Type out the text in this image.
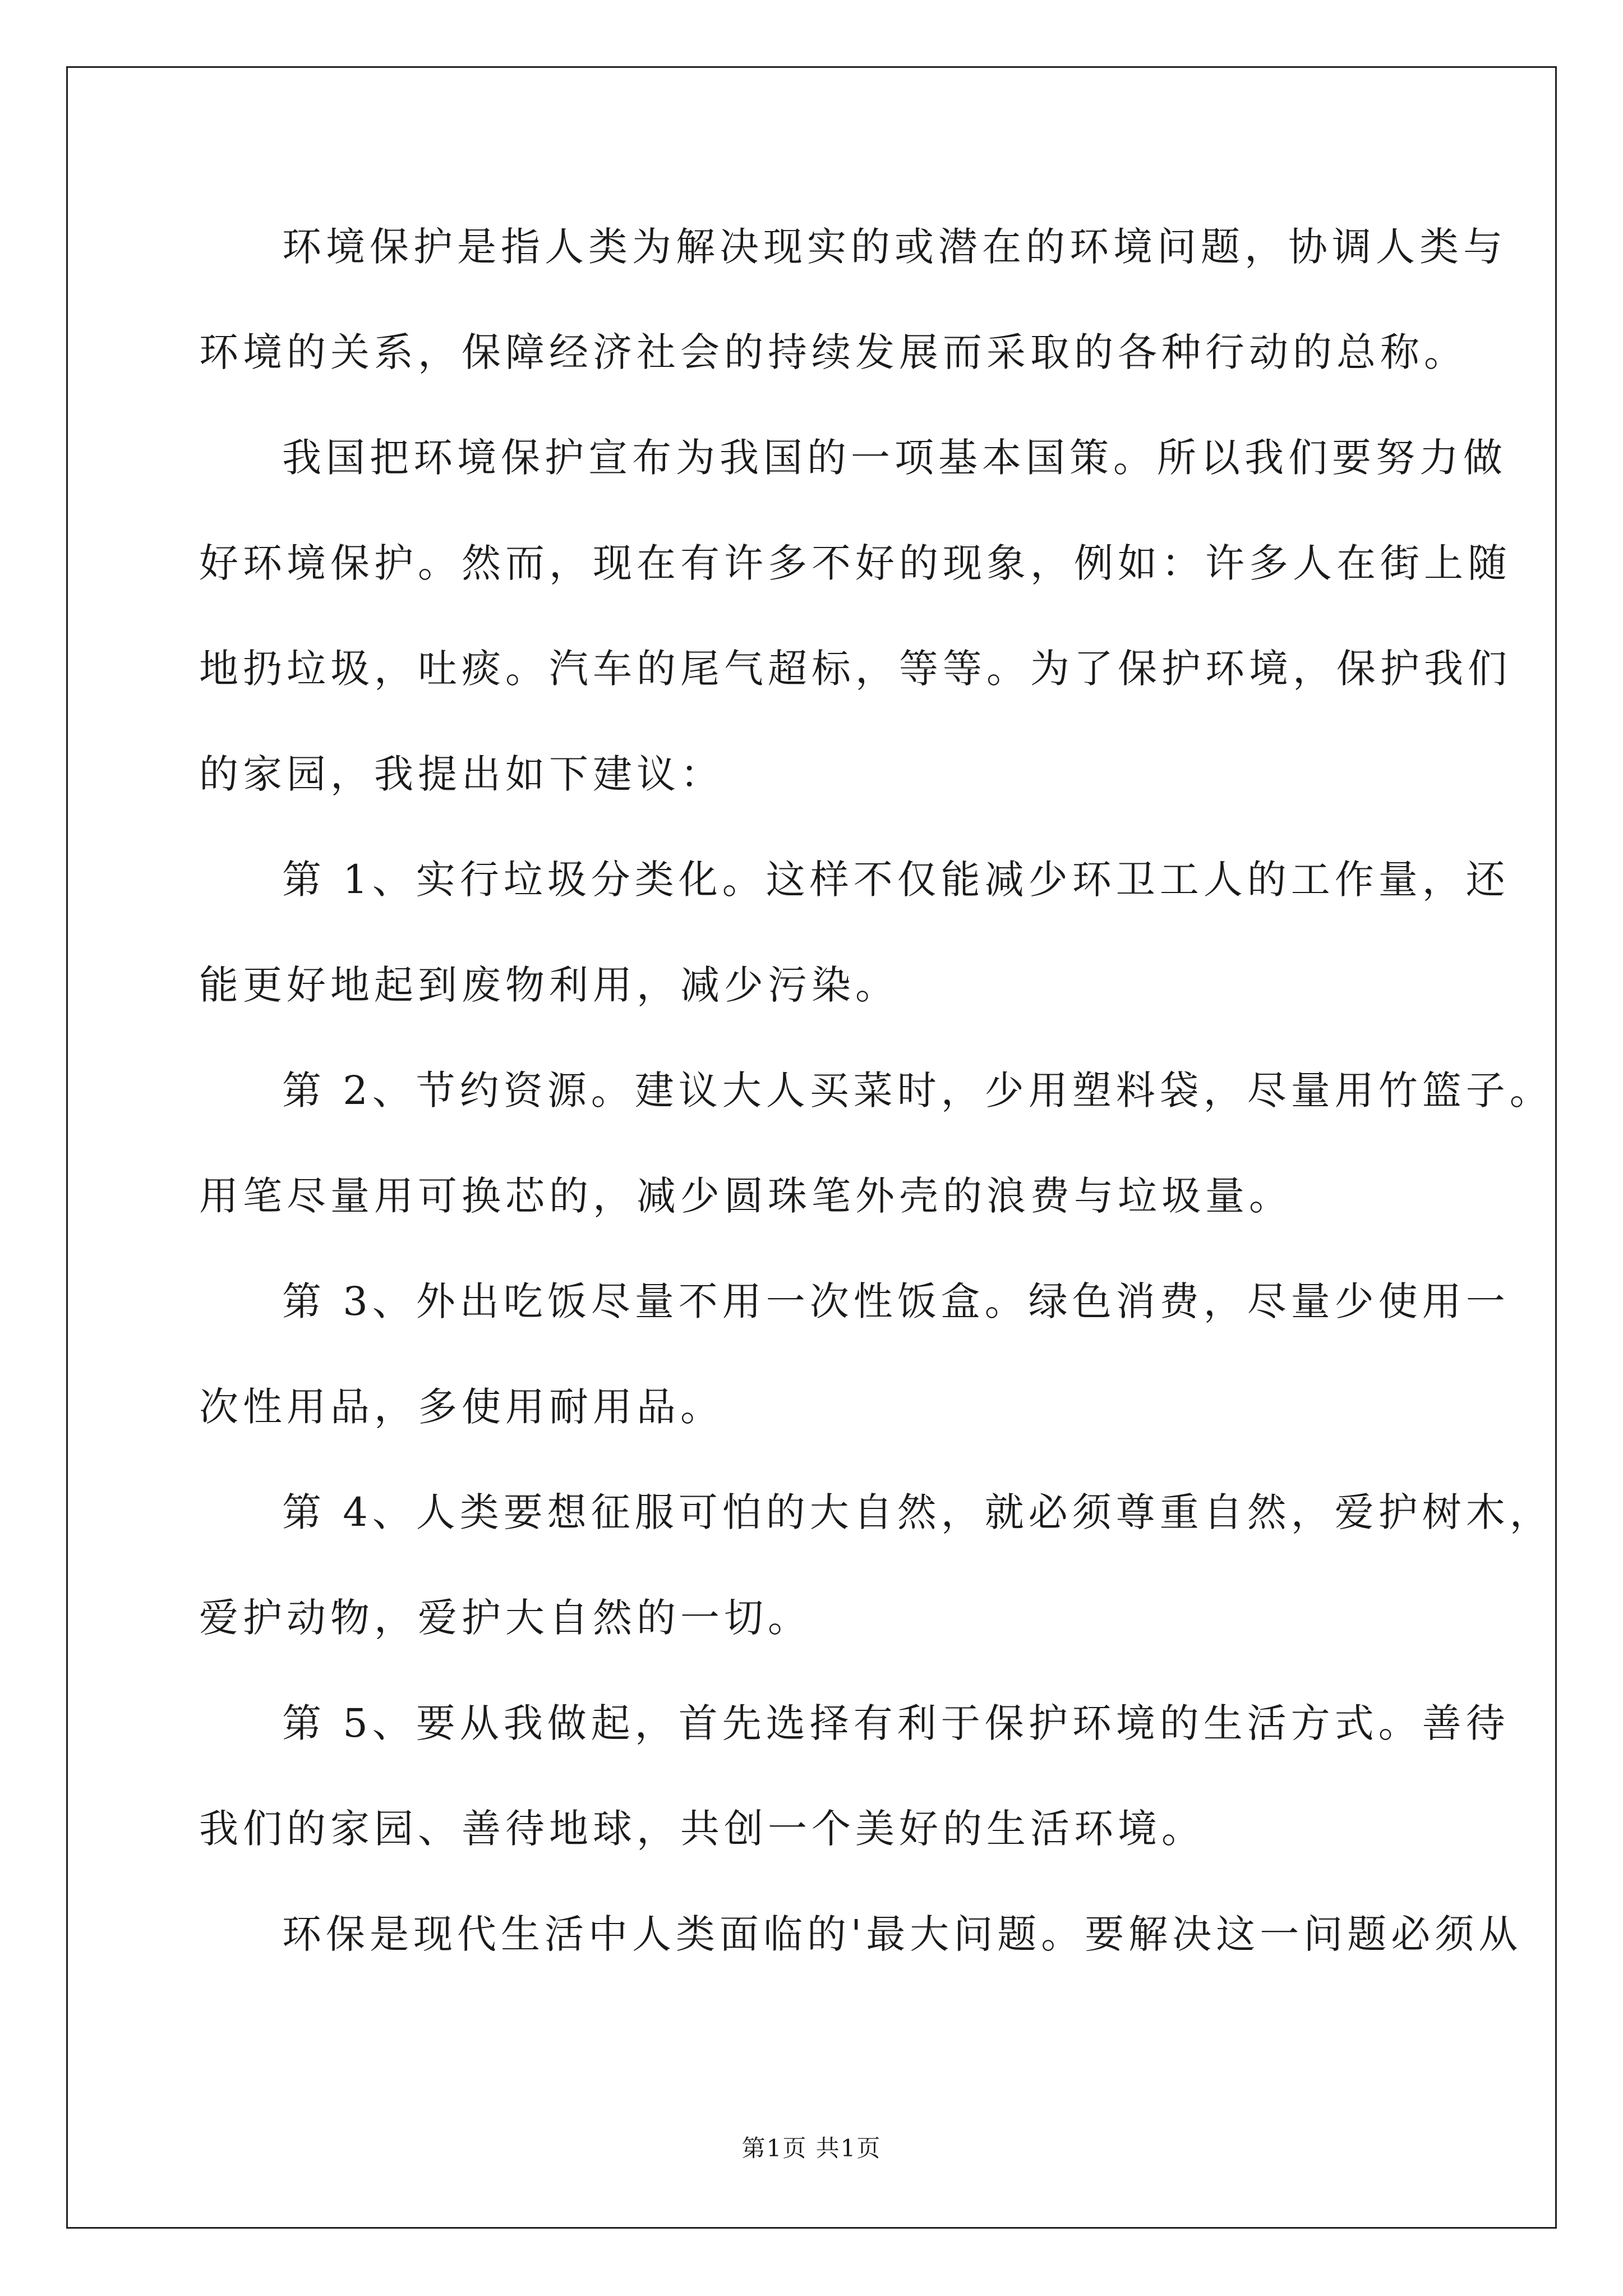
环境保护是指人类为解决现实的或潜在的环境问题，协调人类与
环境的关系，保障经济社会的持续发展而采取的各种行动的总称。
我国把环境保护宣布为我国的一项基本国策。所以我们要努力做
好环境保护。然而，现在有许多不好的现象，例如：许多人在街上随
地扔垃圾，吐痰。汽车的尾气超标，等等。为了保护环境，保护我们
的家园，我提出如下建议：
第 1、实行垃圾分类化。这样不仅能减少环卫工人的工作量，还
能更好地起到废物利用，减少污染。
第 2、节约资源。建议大人买菜时，少用塑料袋，尽量用竹篮子。
用笔尽量用可换芯的，减少圆珠笔外壳的浪费与垃圾量。
第 3、外出吃饭尽量不用一次性饭盒。绿色消费，尽量少使用一
次性用品，多使用耐用品。
第 4、人类要想征服可怕的大自然，就必须尊重自然，爱护树木，
爱护动物，爱护大自然的一切。
第 5、要从我做起，首先选择有利于保护环境的生活方式。善待
我们的家园、善待地球，共创一个美好的生活环境。
环保是现代生活中人类面临的'最大问题。要解决这一问题必须从
第1页 共1页
